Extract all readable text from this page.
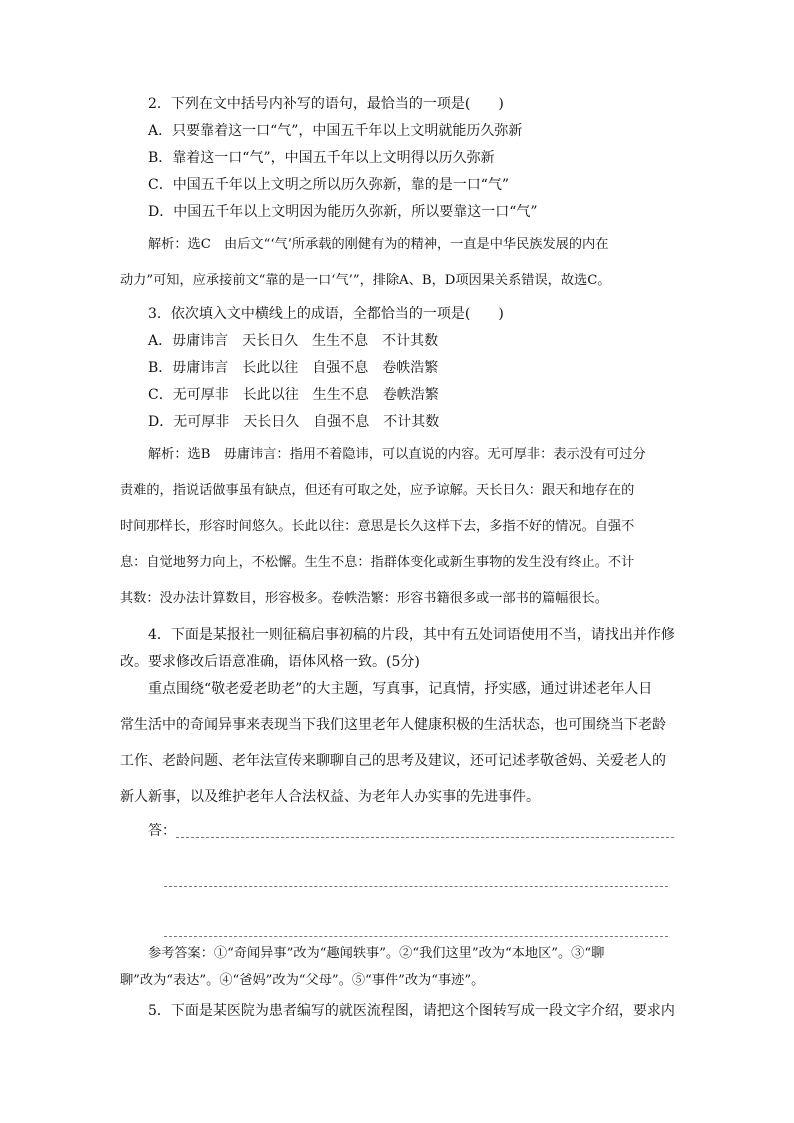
2．下列在文中括号内补写的语句，最恰当的一项是(　　)
A．只要靠着这一口“气”，中国五千年以上文明就能历久弥新
B．靠着这一口“气”，中国五千年以上文明得以历久弥新
C．中国五千年以上文明之所以历久弥新，靠的是一口“气”
D．中国五千年以上文明因为能历久弥新，所以要靠这一口“气”
解析：选C　由后文“‘气’所承载的刚健有为的精神，一直是中华民族发展的内在
动力”可知，应承接前文“靠的是一口‘气’”，排除A、B，D项因果关系错误，故选C。
3．依次填入文中横线上的成语，全都恰当的一项是(　　)
A．毋庸讳言　天长日久　生生不息　不计其数
B．毋庸讳言　长此以往　自强不息　卷帙浩繁
C．无可厚非　长此以往　生生不息　卷帙浩繁
D．无可厚非　天长日久　自强不息　不计其数
解析：选B　毋庸讳言：指用不着隐讳，可以直说的内容。无可厚非：表示没有可过分
责难的，指说话做事虽有缺点，但还有可取之处，应予谅解。天长日久：跟天和地存在的
时间那样长，形容时间悠久。长此以往：意思是长久这样下去，多指不好的情况。自强不
息：自觉地努力向上，不松懈。生生不息：指群体变化或新生事物的发生没有终止。不计
其数：没办法计算数目，形容极多。卷帙浩繁：形容书籍很多或一部书的篇幅很长。
4．下面是某报社一则征稿启事初稿的片段，其中有五处词语使用不当，请找出并作修
改。要求修改后语意准确，语体风格一致。(5分)
重点围绕“敬老爱老助老”的大主题，写真事，记真情，抒实感，通过讲述老年人日
常生活中的奇闻异事来表现当下我们这里老年人健康积极的生活状态，也可围绕当下老龄
工作、老龄问题、老年法宣传来聊聊自己的思考及建议，还可记述孝敬爸妈、关爱老人的
新人新事，以及维护老年人合法权益、为老年人办实事的先进事件。
答：
参考答案：①“奇闻异事”改为“趣闻轶事”。②“我们这里”改为“本地区”。③“聊
聊”改为“表达”。④“爸妈”改为“父母”。⑤“事件”改为“事迹”。
5．下面是某医院为患者编写的就医流程图，请把这个图转写成一段文字介绍，要求内
